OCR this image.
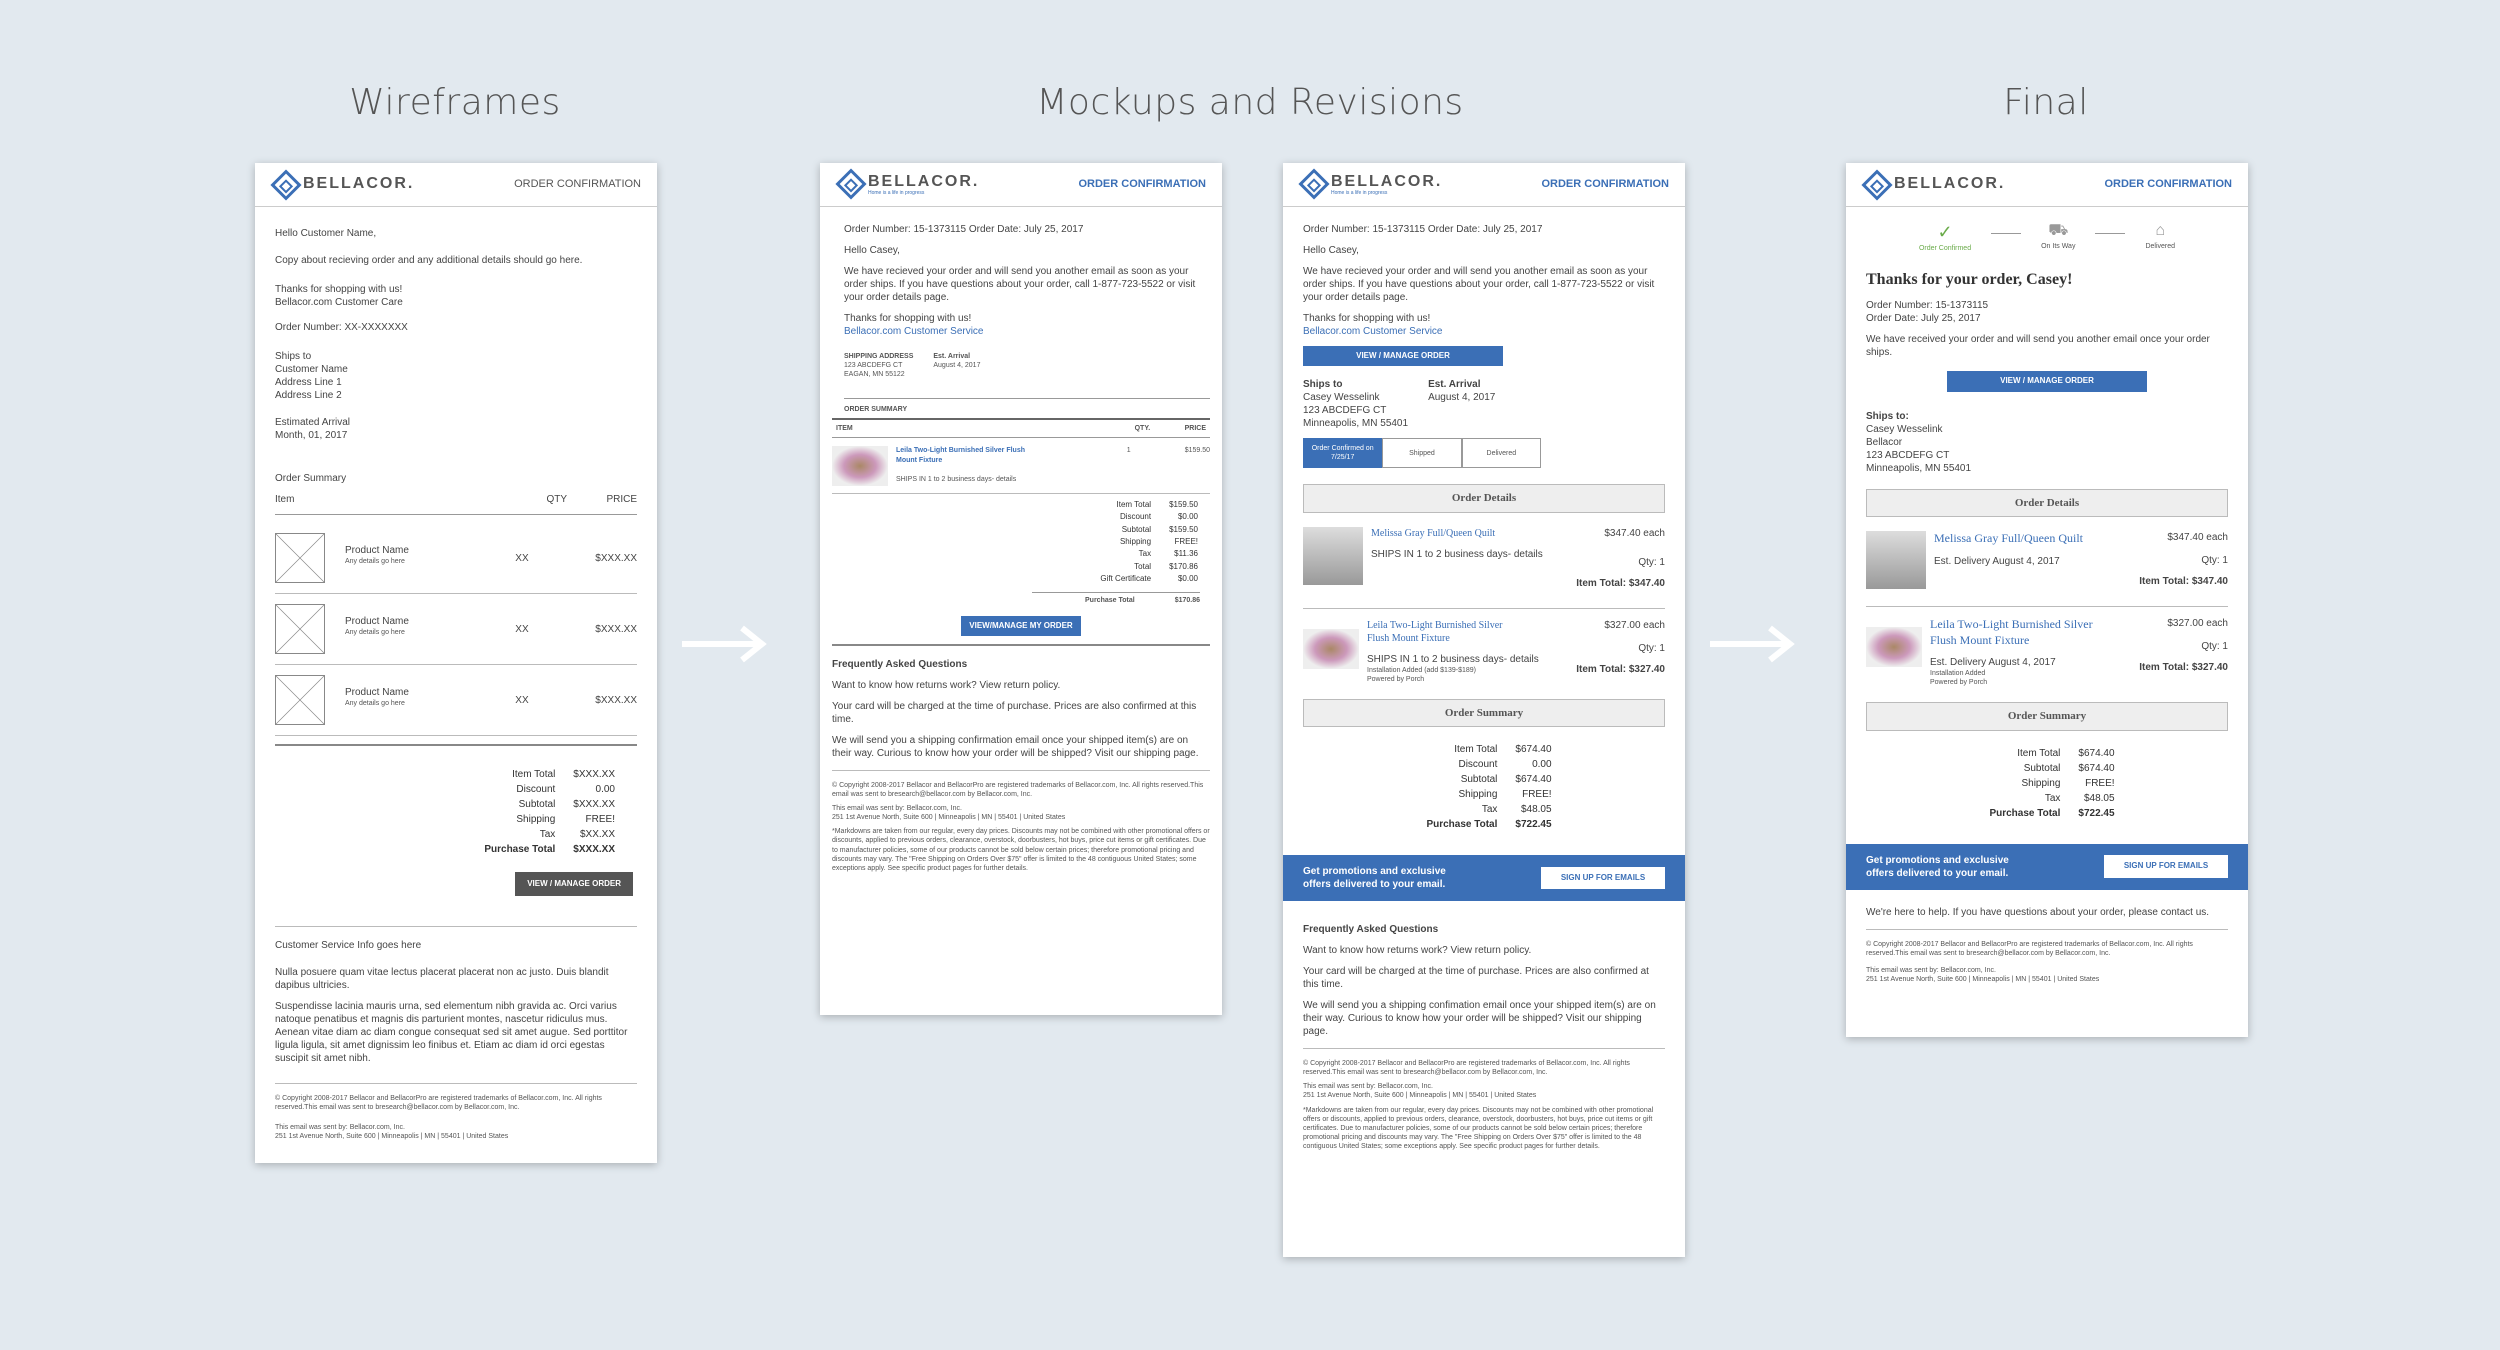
Wireframes	Mockups and Revisions	Final
BELLACOR.	ORDER CONFIRMATION
Hello Customer Name,
Copy about recieving order and any additional details should go here.
Thanks for shopping with us!
Bellacor.com Customer Care
Order Number: XX-XXXXXXX
Ships to
Customer Name
Address Line 1
Address Line 2
Estimated Arrival
Month, 01, 2017
Order Summary
Item	QTY	PRICE
Product Name
Any details go here	XX	$XXX.XX
Product Name
Any details go here	XX	$XXX.XX
Product Name
Any details go here	XX	$XXX.XX
Item Total	$XXX.XX
Discount	0.00
Subtotal	$XXX.XX
Shipping	FREE!
Tax	$XX.XX
Purchase Total	$XXX.XX
VIEW / MANAGE ORDER
Customer Service Info goes here
Nulla posuere quam vitae lectus placerat placerat non ac justo. Duis blandit dapibus ultricies.
Suspendisse lacinia mauris urna, sed elementum nibh gravida ac. Orci varius natoque penatibus et magnis dis parturient montes, nascetur ridiculus mus. Aenean vitae diam ac diam congue consequat sed sit amet augue. Sed porttitor ligula ligula, sit amet dignissim leo finibus et. Etiam ac diam id orci egestas suscipit sit amet nibh.
© Copyright 2008-2017 Bellacor and BellacorPro are registered trademarks of Bellacor.com, Inc. All rights reserved.This email was sent to bresearch@bellacor.com by Bellacor.com, Inc.
This email was sent by: Bellacor.com, Inc.
251 1st Avenue North, Suite 600 | Minneapolis | MN | 55401 | United States
BELLACOR.
Home is a life in progress
ORDER CONFIRMATION
Order Number: 15-1373115 Order Date: July 25, 2017
Hello Casey,
We have recieved your order and will send you another email as soon as your order ships. If you have questions about your order, call 1-877-723-5522 or visit your order details page.
Thanks for shopping with us!
Bellacor.com Customer Service
SHIPPING ADDRESS
123 ABCDEFG CT
EAGAN, MN 55122
Est. Arrival
August 4, 2017
ORDER SUMMARY
ITEM	QTY.	PRICE
Leila Two-Light Burnished Silver Flush Mount Fixture
SHIPS IN 1 to 2 business days- details
1	$159.50
Item Total	$159.50
Discount	$0.00
Subtotal	$159.50
Shipping	FREE!
Tax	$11.36
Total	$170.86
Gift Certificate	$0.00
Purchase Total	$170.86
VIEW/MANAGE MY ORDER
Frequently Asked Questions
Want to know how returns work? View return policy.
Your card will be charged at the time of purchase. Prices are also confirmed at this time.
We will send you a shipping confirmation email once your shipped item(s) are on their way. Curious to know how your order will be shipped? Visit our shipping page.
© Copyright 2008-2017 Bellacor and BellacorPro are registered trademarks of Bellacor.com, Inc. All rights reserved.This email was sent to bresearch@bellacor.com by Bellacor.com, Inc.
This email was sent by: Bellacor.com, Inc.
251 1st Avenue North, Suite 600 | Minneapolis | MN | 55401 | United States
*Markdowns are taken from our regular, every day prices. Discounts may not be combined with other promotional offers or discounts, applied to previous orders, clearance, overstock, doorbusters, hot buys, price cut items or gift certificates. Due to manufacturer policies, some of our products cannot be sold below certain prices; therefore promotional pricing and discounts may vary. The "Free Shipping on Orders Over $75" offer is limited to the 48 contiguous United States; some exceptions apply. See specific product pages for further details.
BELLACOR.
Home is a life in progress
ORDER CONFIRMATION
Order Number: 15-1373115 Order Date: July 25, 2017
Hello Casey,
We have recieved your order and will send you another email as soon as your order ships. If you have questions about your order, call 1-877-723-5522 or visit your order details page.
Thanks for shopping with us!
Bellacor.com Customer Service
VIEW / MANAGE ORDER
Ships to
Casey Wesselink
123 ABCDEFG CT
Minneapolis, MN 55401
Est. Arrival
August 4, 2017
Order Confirmed on 7/25/17
Shipped	Delivered
Order Details
Melissa Gray Full/Queen Quilt
SHIPS IN 1 to 2 business days- details
$347.40 each
Qty: 1
Item Total: $347.40
Leila Two-Light Burnished Silver Flush Mount Fixture
SHIPS IN 1 to 2 business days- details
Installation Added (add $139-$189)
Powered by Porch
$327.00 each
Qty: 1
Item Total: $327.40
Order Summary
Item Total	$674.40
Discount	0.00
Subtotal	$674.40
Shipping	FREE!
Tax	$48.05
Purchase Total	$722.45
Get promotions and exclusive offers delivered to your email.
SIGN UP FOR EMAILS
Frequently Asked Questions
Want to know how returns work? View return policy.
Your card will be charged at the time of purchase. Prices are also confirmed at this time.
We will send you a shipping confimation email once your shipped item(s) are on their way. Curious to know how your order will be shipped? Visit our shipping page.
© Copyright 2008-2017 Bellacor and BellacorPro are registered trademarks of Bellacor.com, Inc. All rights reserved.This email was sent to bresearch@bellacor.com by Bellacor.com, Inc.
This email was sent by: Bellacor.com, Inc.
251 1st Avenue North, Suite 600 | Minneapolis | MN | 55401 | United States
*Markdowns are taken from our regular, every day prices. Discounts may not be combined with other promotional offers or discounts, applied to previous orders, clearance, overstock, doorbusters, hot buys, price cut items or gift certificates. Due to manufacturer policies, some of our products cannot be sold below certain prices; therefore promotional pricing and discounts may vary. The "Free Shipping on Orders Over $75" offer is limited to the 48 contiguous United States; some exceptions apply. See specific product pages for further details.
BELLACOR.	ORDER CONFIRMATION
✓
Order Confirmed
⛟
On Its Way
⌂
Delivered
Thanks for your order, Casey!
Order Number: 15-1373115
Order Date: July 25, 2017
We have received your order and will send you another email once your order ships.
VIEW / MANAGE ORDER
Ships to:
Casey Wesselink
Bellacor
123 ABCDEFG CT
Minneapolis, MN 55401
Order Details
Melissa Gray Full/Queen Quilt
Est. Delivery August 4, 2017
$347.40 each
Qty: 1
Item Total: $347.40
Leila Two-Light Burnished Silver Flush Mount Fixture
Est. Delivery August 4, 2017
Installation Added
Powered by Porch
$327.00 each
Qty: 1
Item Total: $327.40
Order Summary
Item Total	$674.40
Subtotal	$674.40
Shipping	FREE!
Tax	$48.05
Purchase Total	$722.45
Get promotions and exclusive offers delivered to your email.
SIGN UP FOR EMAILS
We're here to help. If you have questions about your order, please contact us.
© Copyright 2008-2017 Bellacor and BellacorPro are registered trademarks of Bellacor.com, Inc. All rights reserved.This email was sent to bresearch@bellacor.com by Bellacor.com, Inc.
This email was sent by: Bellacor.com, Inc.
251 1st Avenue North, Suite 600 | Minneapolis | MN | 55401 | United States
